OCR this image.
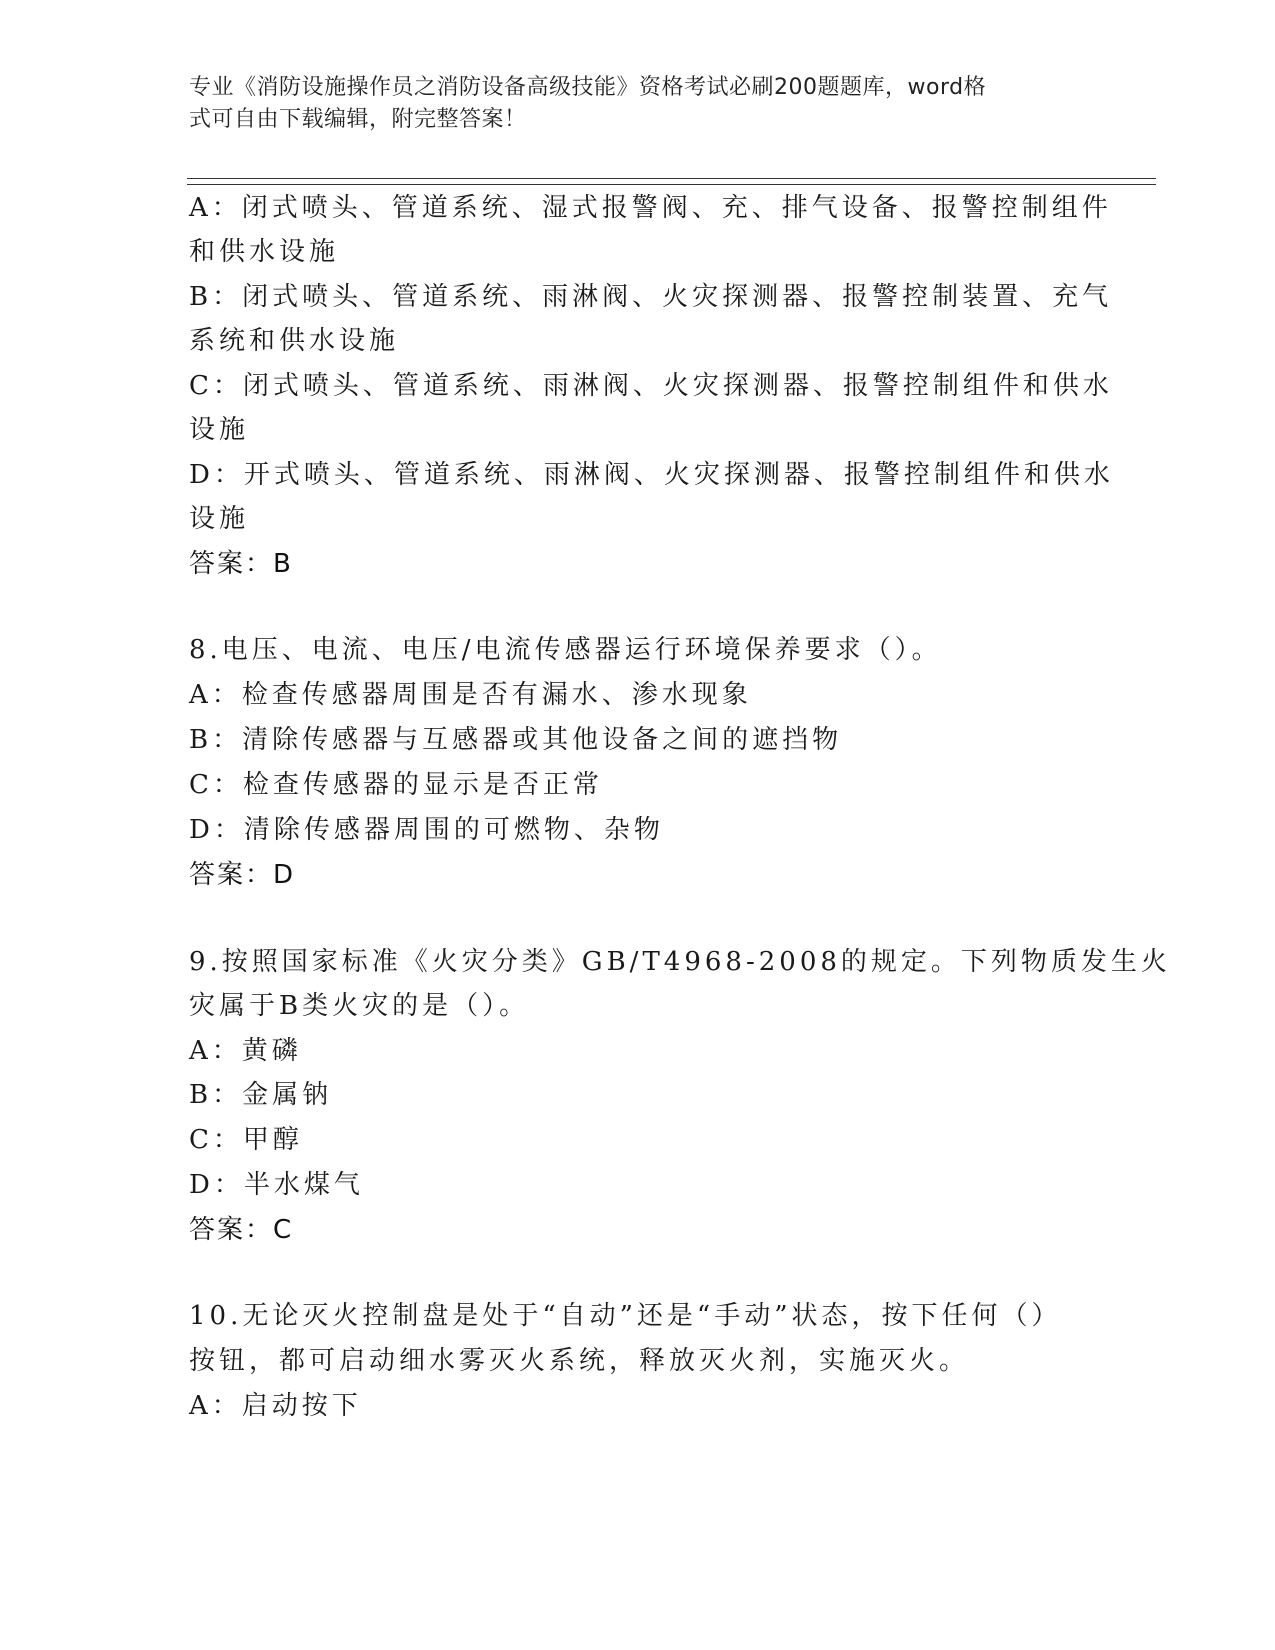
专业《消防设施操作员之消防设备高级技能》资格考试必刷200题题库，word格
式可自由下载编辑，附完整答案！
A：闭式喷头、管道系统、湿式报警阀、充、排气设备、报警控制组件
和供水设施
B：闭式喷头、管道系统、雨淋阀、火灾探测器、报警控制装置、充气
系统和供水设施
C：闭式喷头、管道系统、雨淋阀、火灾探测器、报警控制组件和供水
设施
D：开式喷头、管道系统、雨淋阀、火灾探测器、报警控制组件和供水
设施
答案：B
8.电压、电流、电压/电流传感器运行环境保养要求（）。
A：检查传感器周围是否有漏水、渗水现象
B：清除传感器与互感器或其他设备之间的遮挡物
C：检查传感器的显示是否正常
D：清除传感器周围的可燃物、杂物
答案：D
9.按照国家标准《火灾分类》GB/T4968-2008的规定。下列物质发生火
灾属于B类火灾的是（）。
A：黄磷
B：金属钠
C：甲醇
D：半水煤气
答案：C
10.无论灭火控制盘是处于“自动”还是“手动”状态，按下任何（）
按钮，都可启动细水雾灭火系统，释放灭火剂，实施灭火。
A：启动按下
